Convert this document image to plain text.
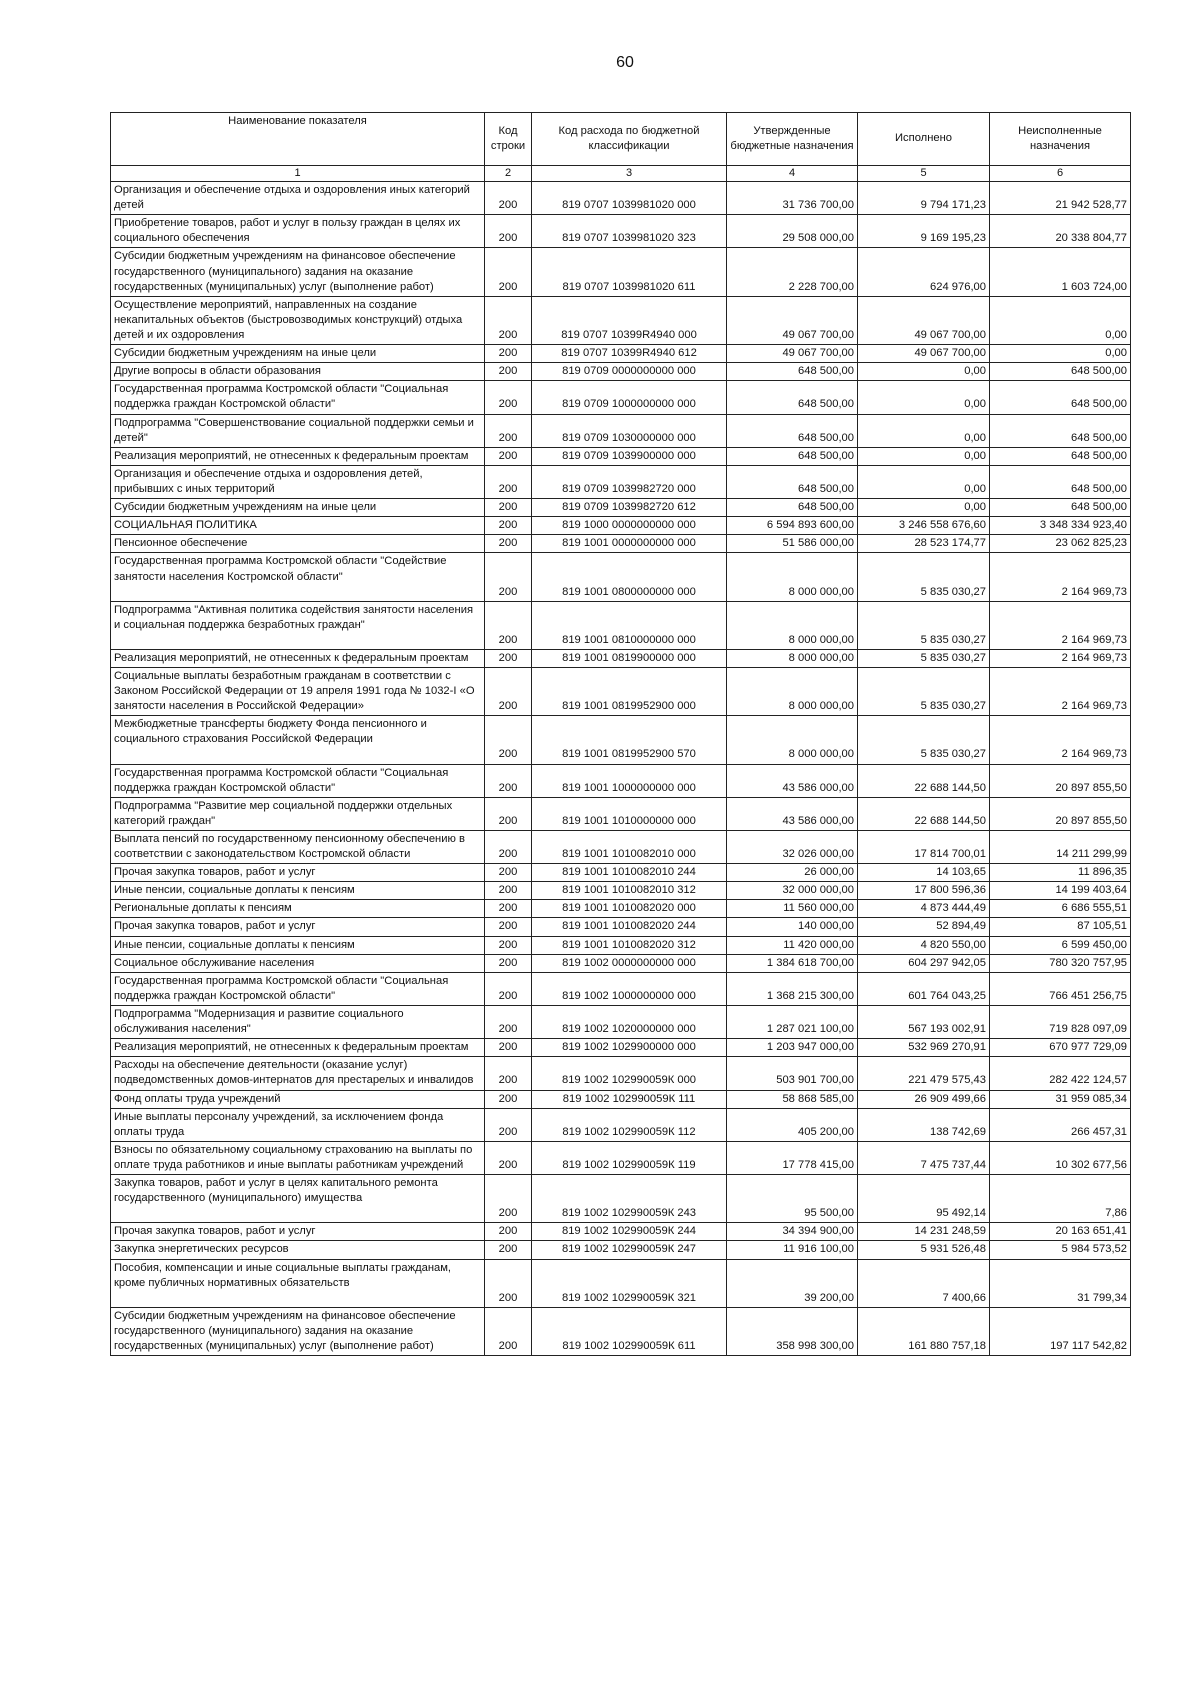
60
Наименование показателя	Код строки	Код расхода по бюджетной классификации	Утвержденные бюджетные назначения	Исполнено	Неисполненные назначения
1	2	3	4	5	6
Организация и обеспечение отдыха и оздоровления иных категорий детей	200	819 0707 1039981020 000	31 736 700,00	9 794 171,23	21 942 528,77
Приобретение товаров, работ и услуг в пользу граждан в целях их социального обеспечения	200	819 0707 1039981020 323	29 508 000,00	9 169 195,23	20 338 804,77
Субсидии бюджетным учреждениям на финансовое обеспечение государственного (муниципального) задания на оказание государственных (муниципальных) услуг (выполнение работ)	200	819 0707 1039981020 611	2 228 700,00	624 976,00	1 603 724,00
Осуществление мероприятий, направленных на создание некапитальных объектов (быстровозводимых конструкций) отдыха детей и их оздоровления	200	819 0707 10399R4940 000	49 067 700,00	49 067 700,00	0,00
Субсидии бюджетным учреждениям на иные цели	200	819 0707 10399R4940 612	49 067 700,00	49 067 700,00	0,00
Другие вопросы в области образования	200	819 0709 0000000000 000	648 500,00	0,00	648 500,00
Государственная программа Костромской области "Социальная поддержка граждан Костромской области"	200	819 0709 1000000000 000	648 500,00	0,00	648 500,00
Подпрограмма "Совершенствование социальной поддержки семьи и детей"	200	819 0709 1030000000 000	648 500,00	0,00	648 500,00
Реализация мероприятий, не отнесенных к федеральным проектам	200	819 0709 1039900000 000	648 500,00	0,00	648 500,00
Организация и обеспечение отдыха и оздоровления детей, прибывших с иных территорий	200	819 0709 1039982720 000	648 500,00	0,00	648 500,00
Субсидии бюджетным учреждениям на иные цели	200	819 0709 1039982720 612	648 500,00	0,00	648 500,00
СОЦИАЛЬНАЯ ПОЛИТИКА	200	819 1000 0000000000 000	6 594 893 600,00	3 246 558 676,60	3 348 334 923,40
Пенсионное обеспечение	200	819 1001 0000000000 000	51 586 000,00	28 523 174,77	23 062 825,23
Государственная программа Костромской области "Содействие занятости населения Костромской области"	200	819 1001 0800000000 000	8 000 000,00	5 835 030,27	2 164 969,73
Подпрограмма "Активная политика содействия занятости населения и социальная поддержка безработных граждан"	200	819 1001 0810000000 000	8 000 000,00	5 835 030,27	2 164 969,73
Реализация мероприятий, не отнесенных к федеральным проектам	200	819 1001 0819900000 000	8 000 000,00	5 835 030,27	2 164 969,73
Социальные выплаты безработным гражданам в соответствии с Законом Российской Федерации от 19 апреля 1991 года № 1032-I «О занятости населения в Российской Федерации»	200	819 1001 0819952900 000	8 000 000,00	5 835 030,27	2 164 969,73
Межбюджетные трансферты бюджету Фонда пенсионного и социального страхования Российской Федерации	200	819 1001 0819952900 570	8 000 000,00	5 835 030,27	2 164 969,73
Государственная программа Костромской области "Социальная поддержка граждан Костромской области"	200	819 1001 1000000000 000	43 586 000,00	22 688 144,50	20 897 855,50
Подпрограмма "Развитие мер социальной поддержки отдельных категорий граждан"	200	819 1001 1010000000 000	43 586 000,00	22 688 144,50	20 897 855,50
Выплата пенсий по государственному пенсионному обеспечению в соответствии с законодательством Костромской области	200	819 1001 1010082010 000	32 026 000,00	17 814 700,01	14 211 299,99
Прочая закупка товаров, работ и услуг	200	819 1001 1010082010 244	26 000,00	14 103,65	11 896,35
Иные пенсии, социальные доплаты к пенсиям	200	819 1001 1010082010 312	32 000 000,00	17 800 596,36	14 199 403,64
Региональные доплаты к пенсиям	200	819 1001 1010082020 000	11 560 000,00	4 873 444,49	6 686 555,51
Прочая закупка товаров, работ и услуг	200	819 1001 1010082020 244	140 000,00	52 894,49	87 105,51
Иные пенсии, социальные доплаты к пенсиям	200	819 1001 1010082020 312	11 420 000,00	4 820 550,00	6 599 450,00
Социальное обслуживание населения	200	819 1002 0000000000 000	1 384 618 700,00	604 297 942,05	780 320 757,95
Государственная программа Костромской области "Социальная поддержка граждан Костромской области"	200	819 1002 1000000000 000	1 368 215 300,00	601 764 043,25	766 451 256,75
Подпрограмма "Модернизация и развитие социального обслуживания населения"	200	819 1002 1020000000 000	1 287 021 100,00	567 193 002,91	719 828 097,09
Реализация мероприятий, не отнесенных к федеральным проектам	200	819 1002 1029900000 000	1 203 947 000,00	532 969 270,91	670 977 729,09
Расходы на обеспечение деятельности (оказание услуг) подведомственных домов-интернатов для престарелых и инвалидов	200	819 1002 102990059К 000	503 901 700,00	221 479 575,43	282 422 124,57
Фонд оплаты труда учреждений	200	819 1002 102990059К 111	58 868 585,00	26 909 499,66	31 959 085,34
Иные выплаты персоналу учреждений, за исключением фонда оплаты труда	200	819 1002 102990059К 112	405 200,00	138 742,69	266 457,31
Взносы по обязательному социальному страхованию на выплаты по оплате труда работников и иные выплаты работникам учреждений	200	819 1002 102990059К 119	17 778 415,00	7 475 737,44	10 302 677,56
Закупка товаров, работ и услуг в целях капитального ремонта государственного (муниципального) имущества	200	819 1002 102990059К 243	95 500,00	95 492,14	7,86
Прочая закупка товаров, работ и услуг	200	819 1002 102990059К 244	34 394 900,00	14 231 248,59	20 163 651,41
Закупка энергетических ресурсов	200	819 1002 102990059К 247	11 916 100,00	5 931 526,48	5 984 573,52
Пособия, компенсации и иные социальные выплаты гражданам, кроме публичных нормативных обязательств	200	819 1002 102990059К 321	39 200,00	7 400,66	31 799,34
Субсидии бюджетным учреждениям на финансовое обеспечение государственного (муниципального) задания на оказание государственных (муниципальных) услуг (выполнение работ)	200	819 1002 102990059К 611	358 998 300,00	161 880 757,18	197 117 542,82
